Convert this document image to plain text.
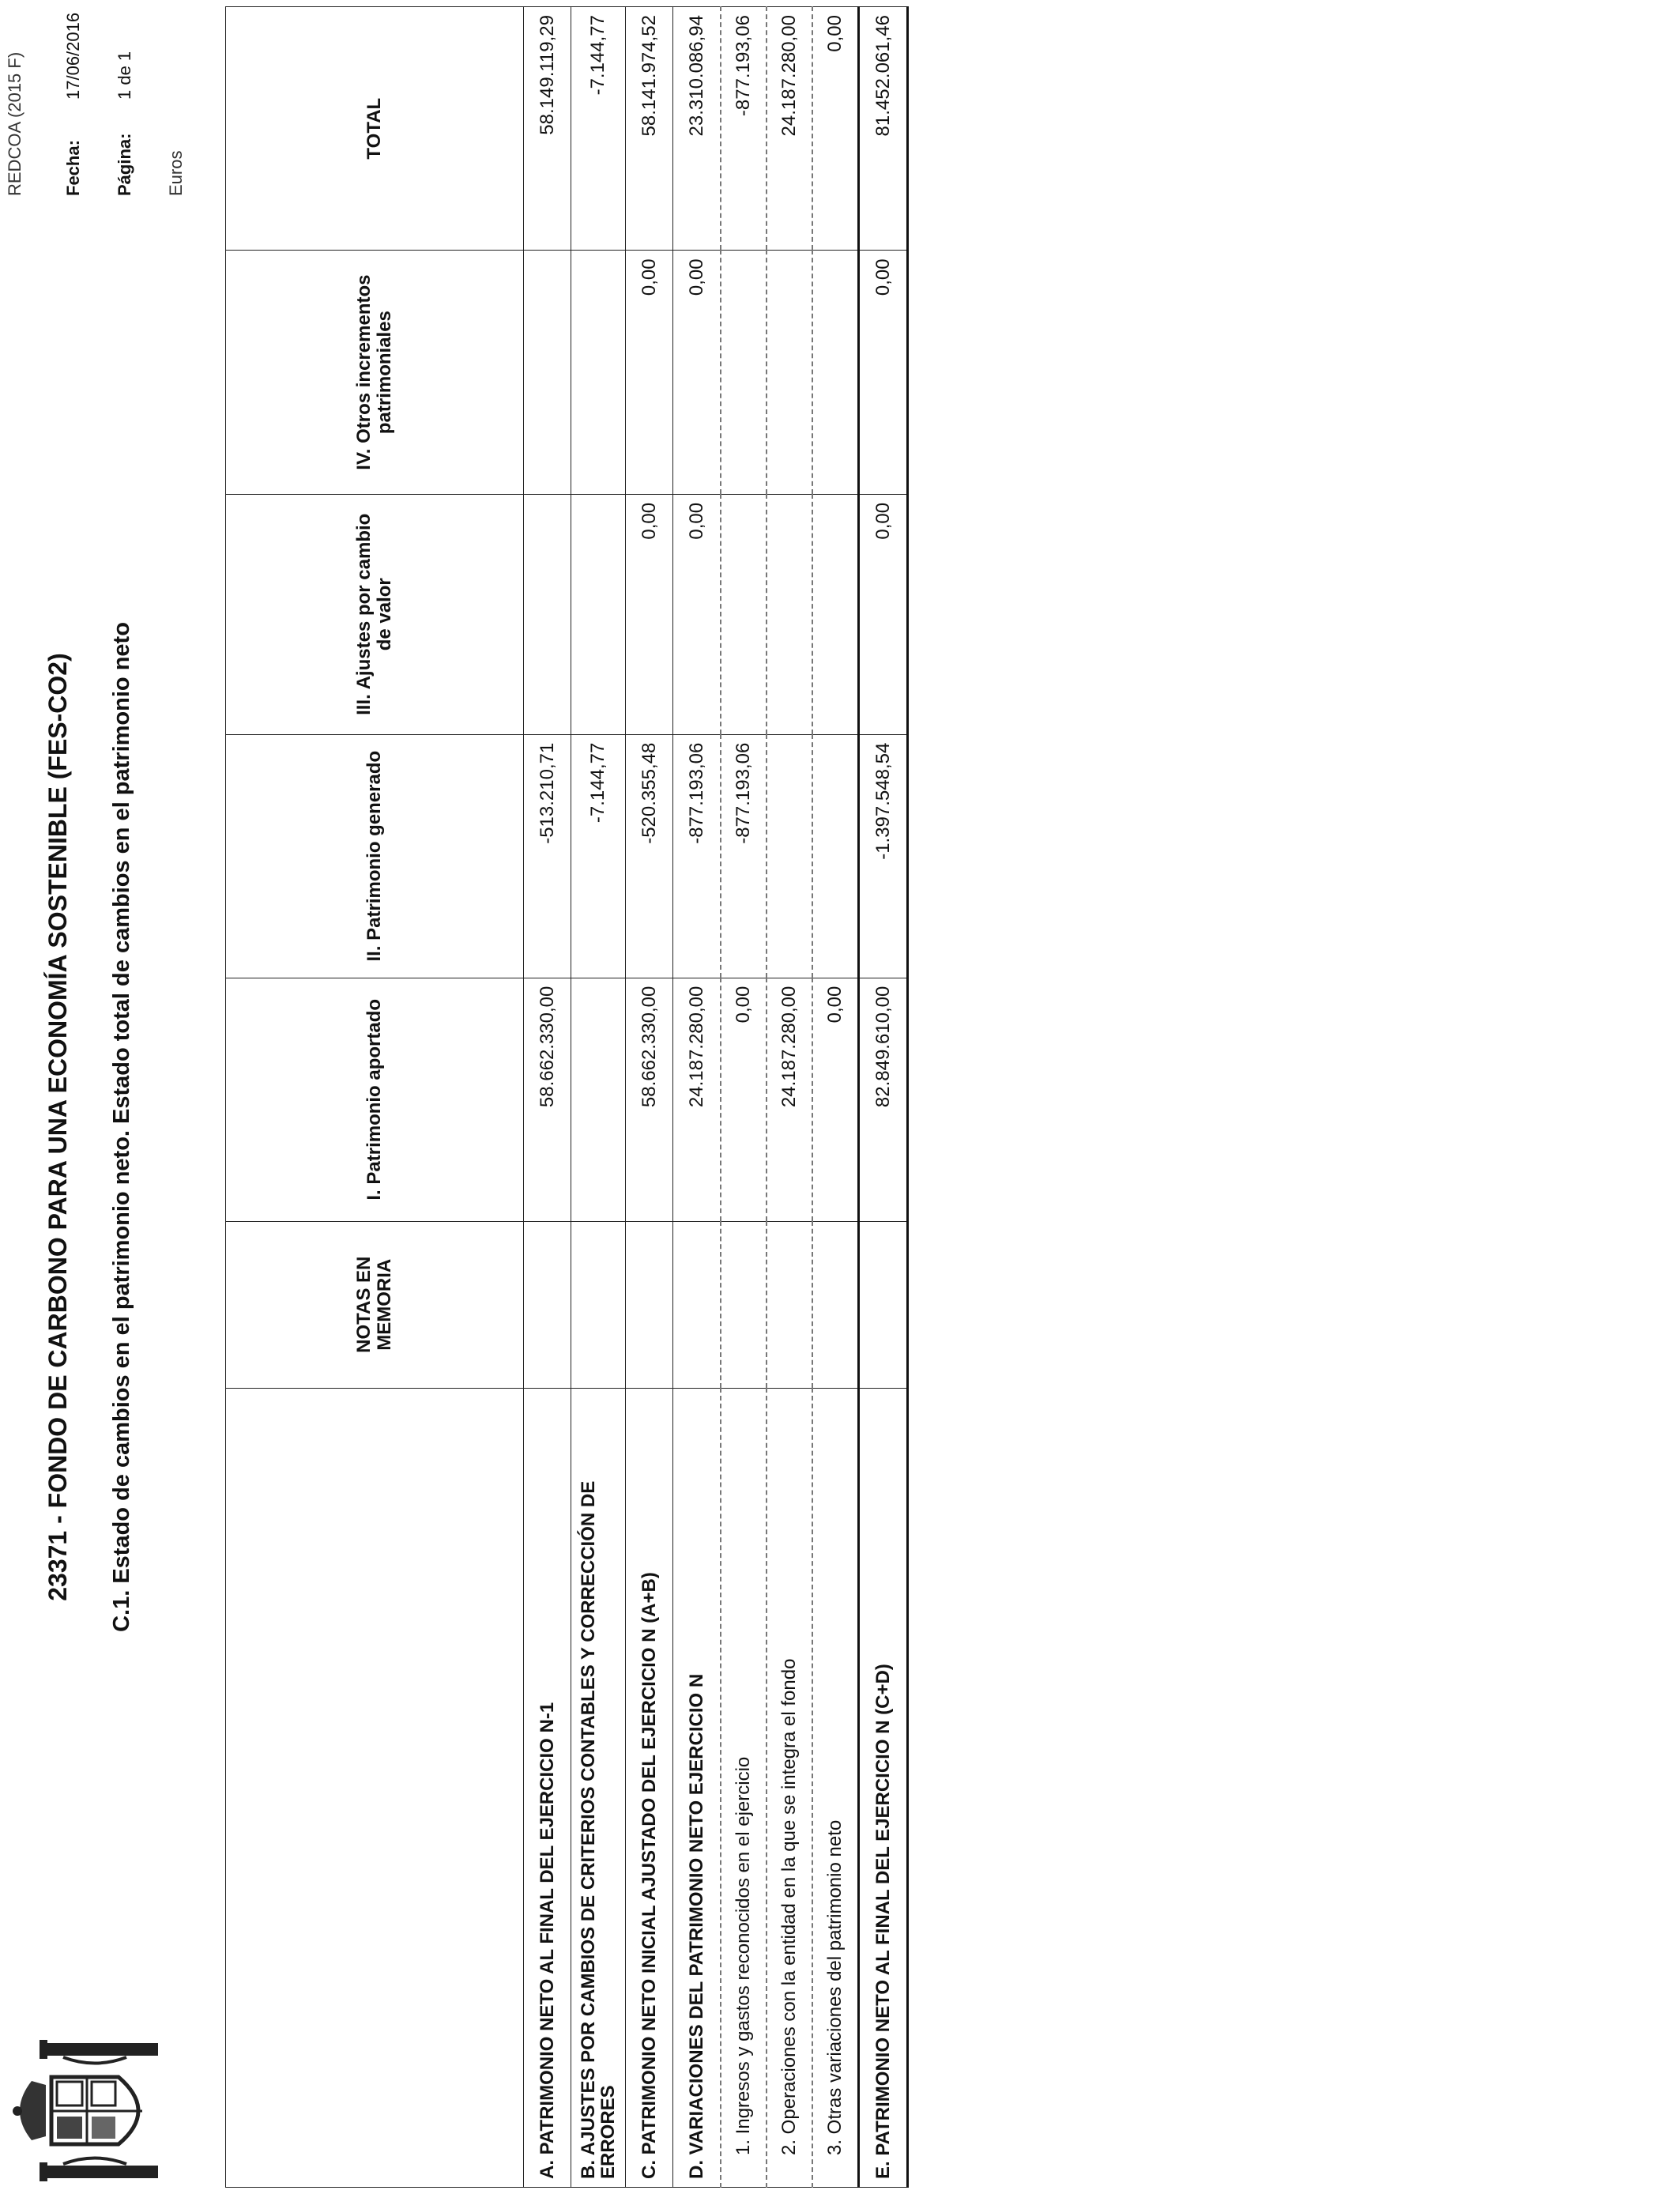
23371 - FONDO DE CARBONO PARA UNA ECONOMÍA SOSTENIBLE (FES-CO2) C.1. Estado de cambios en el patrimonio neto. Estado total de cambios en el patrimonio neto
REDCOA (2015 F) Fecha:
17/06/2016
Página:
1 de 1
Euros
	NOTAS EN MEMORIA	I. Patrimonio aportado	II. Patrimonio generado	III. Ajustes por cambio de valor	IV. Otros incrementos patrimoniales	TOTAL
A. PATRIMONIO NETO AL FINAL DEL EJERCICIO N-1		58.662.330,00	-513.210,71			58.149.119,29
B. AJUSTES POR CAMBIOS DE CRITERIOS CONTABLES Y CORRECCIÓN DE ERRORES			-7.144,77			-7.144,77
C. PATRIMONIO NETO INICIAL AJUSTADO DEL EJERCICIO N (A+B)		58.662.330,00	-520.355,48	0,00	0,00	58.141.974,52
D. VARIACIONES DEL PATRIMONIO NETO EJERCICIO N		24.187.280,00	-877.193,06	0,00	0,00	23.310.086,94
1. Ingresos y gastos reconocidos en el ejercicio		0,00	-877.193,06			-877.193,06
2. Operaciones con la entidad en la que se integra el fondo		24.187.280,00				24.187.280,00
3. Otras variaciones del patrimonio neto		0,00				0,00
E. PATRIMONIO NETO AL FINAL DEL EJERCICIO N (C+D)		82.849.610,00	-1.397.548,54	0,00	0,00	81.452.061,46
